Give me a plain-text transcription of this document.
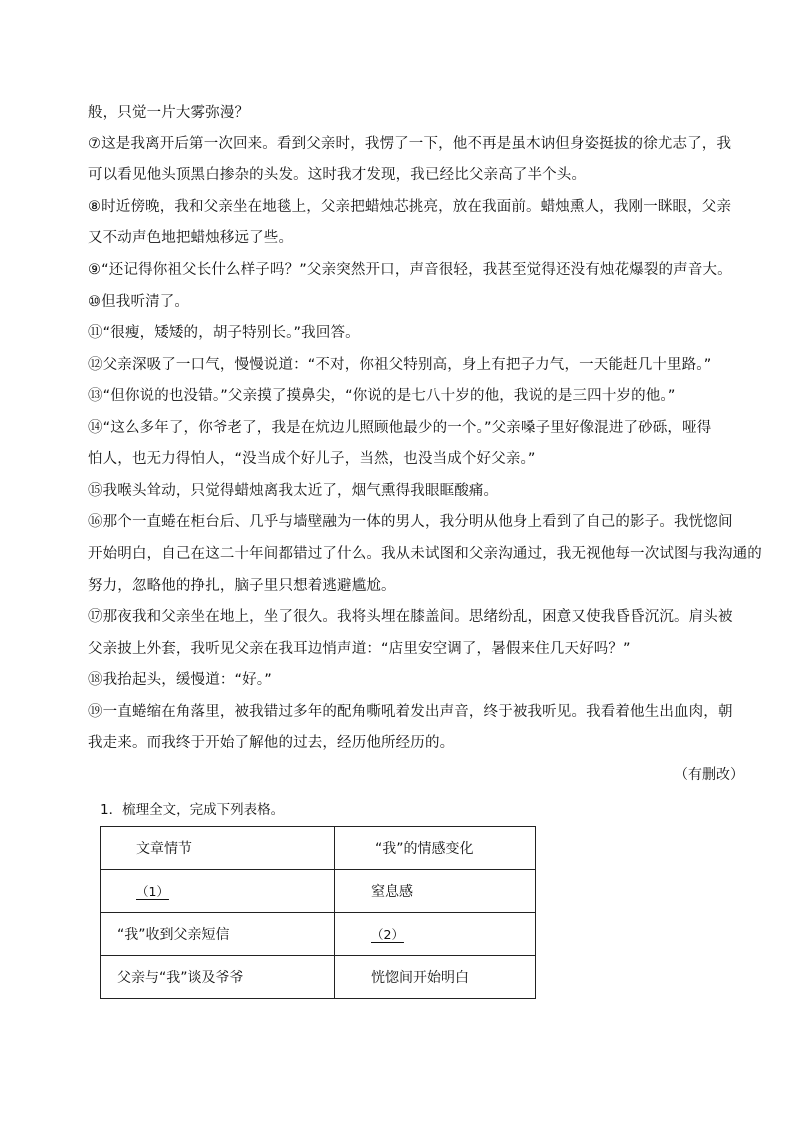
般，只觉一片大雾弥漫？

⑦这是我离开后第一次回来。看到父亲时，我愣了一下，他不再是虽木讷但身姿挺拔的徐尤志了，我

可以看见他头顶黑白掺杂的头发。这时我才发现，我已经比父亲高了半个头。

⑧时近傍晚，我和父亲坐在地毯上，父亲把蜡烛芯挑亮，放在我面前。蜡烛熏人，我刚一眯眼，父亲

又不动声色地把蜡烛移远了些。

⑨“还记得你祖父长什么样子吗？”父亲突然开口，声音很轻，我甚至觉得还没有烛花爆裂的声音大。

⑩但我听清了。

⑪“很瘦，矮矮的，胡子特别长。”我回答。

⑫父亲深吸了一口气，慢慢说道：“不对，你祖父特别高，身上有把子力气，一天能赶几十里路。”

⑬“但你说的也没错。”父亲摸了摸鼻尖，“你说的是七八十岁的他，我说的是三四十岁的他。”

⑭“这么多年了，你爷老了，我是在炕边儿照顾他最少的一个。”父亲嗓子里好像混进了砂砾，哑得

怕人，也无力得怕人，“没当成个好儿子，当然，也没当成个好父亲。”

⑮我喉头耸动，只觉得蜡烛离我太近了，烟气熏得我眼眶酸痛。

⑯那个一直蜷在柜台后、几乎与墙壁融为一体的男人，我分明从他身上看到了自己的影子。我恍惚间

开始明白，自己在这二十年间都错过了什么。我从未试图和父亲沟通过，我无视他每一次试图与我沟通的

努力，忽略他的挣扎，脑子里只想着逃避尴尬。

⑰那夜我和父亲坐在地上，坐了很久。我将头埋在膝盖间。思绪纷乱，困意又使我昏昏沉沉。肩头被

父亲披上外套，我听见父亲在我耳边悄声道：“店里安空调了，暑假来住几天好吗？”

⑱我抬起头，缓慢道：“好。”

⑲一直蜷缩在角落里，被我错过多年的配角嘶吼着发出声音，终于被我听见。我看着他生出血肉，朝

我走来。而我终于开始了解他的过去，经历他所经历的。

（有删改）

1．梳理全文，完成下列表格。

文章情节	“我”的情感变化
（1）	窒息感
“我”收到父亲短信	（2）
父亲与“我”谈及爷爷	恍惚间开始明白
